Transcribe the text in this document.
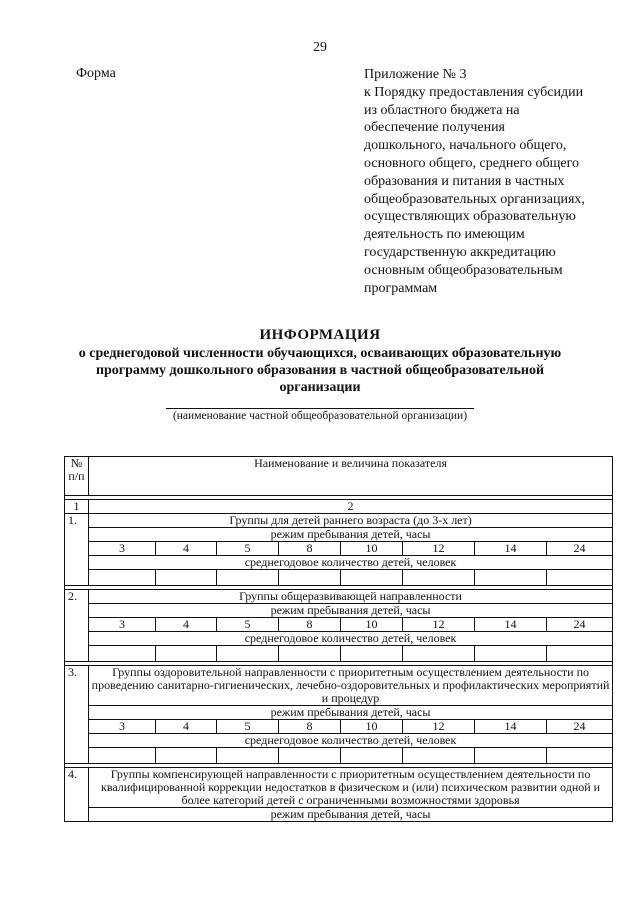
29
Форма	Приложение № 3
к Порядку предоставления субсидии
из областного бюджета на
обеспечение получения
дошкольного, начального общего,
основного общего, среднего общего
образования и питания в частных
общеобразовательных организациях,
осуществляющих образовательную
деятельность по имеющим
государственную аккредитацию
основным общеобразовательным
программам
ИНФОРМАЦИЯ
о среднегодовой численности обучающихся, осваивающих образовательную
программу дошкольного образования в частной общеобразовательной
организации
(наименование частной общеобразовательной организации)
№ п/п	Наименование и величина показателя							

1	2							
1.	Группы для детей раннего возраста (до 3-х лет)							
	режим пребывания детей, часы							
	3	4	5	8	10	12	14	24
	среднегодовое количество детей, человек							

2.	Группы общеразвивающей направленности							
	режим пребывания детей, часы							
	3	4	5	8	10	12	14	24
	среднегодовое количество детей, человек							

3.	Группы оздоровительной направленности с приоритетным осуществлением деятельности по проведению санитарно-гигиенических, лечебно-оздоровительных и профилактических мероприятий и процедур							
	режим пребывания детей, часы							
	3	4	5	8	10	12	14	24
	среднегодовое количество детей, человек							

4.	Группы компенсирующей направленности с приоритетным осуществлением деятельности по квалифицированной коррекции недостатков в физическом и (или) психическом развитии одной и более категорий детей с ограниченными возможностями здоровья							
	режим пребывания детей, часы							
